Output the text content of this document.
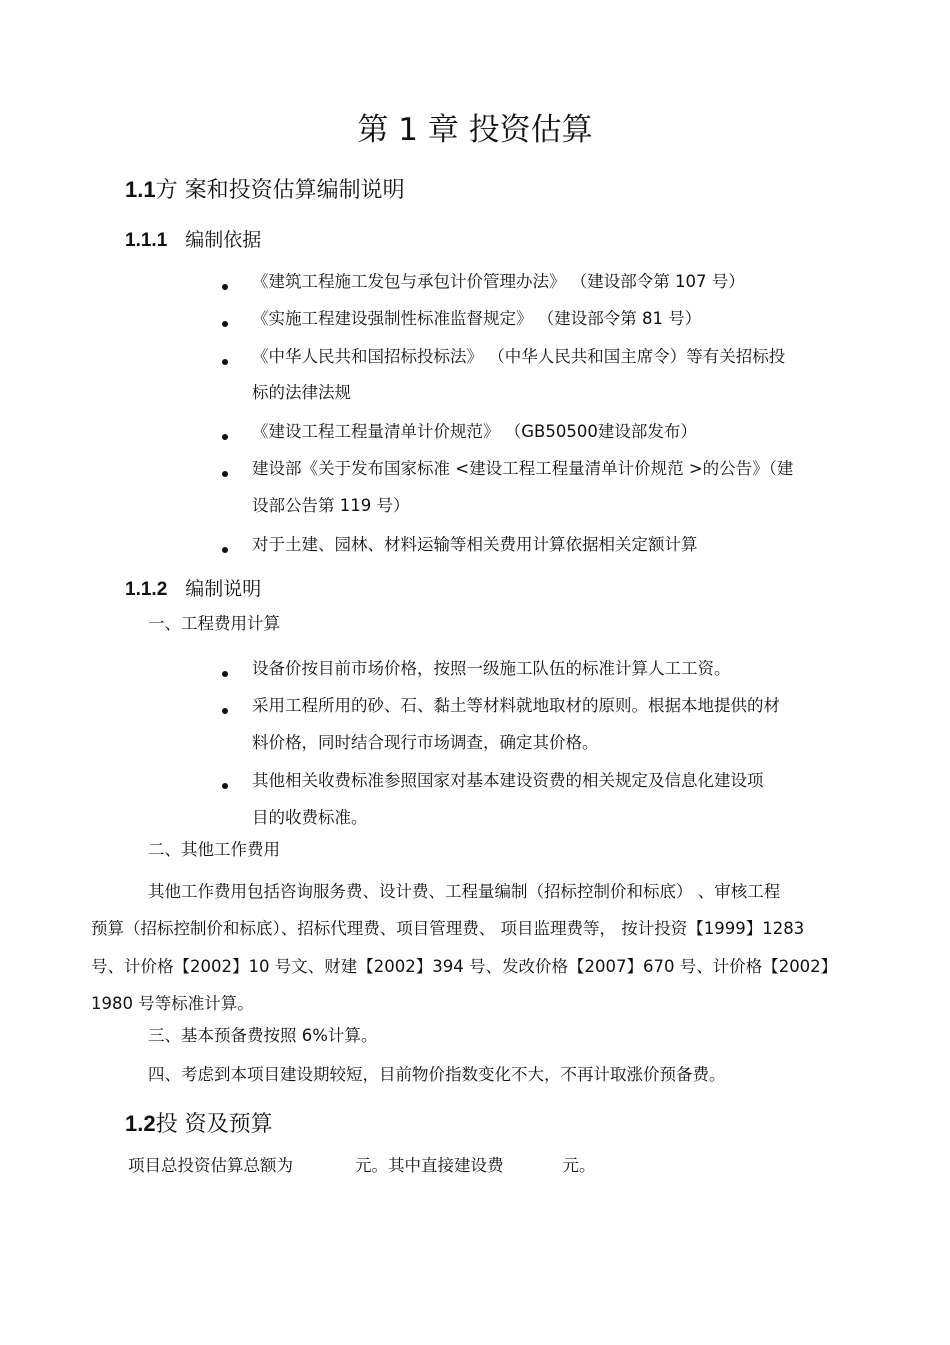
第 1 章 投资估算
1.1方 案和投资估算编制说明
1.1.1 编制依据
《建筑工程施工发包与承包计价管理办法》 （建设部令第 107 号）
《实施工程建设强制性标准监督规定》 （建设部令第 81 号）
《中华人民共和国招标投标法》 （中华人民共和国主席令）等有关招标投
标的法律法规
《建设工程工程量清单计价规范》 （GB50500建设部发布）
建设部《关于发布国家标准 <建设工程工程量清单计价规范 >的公告》（建
设部公告第 119 号）
对于土建、园林、材料运输等相关费用计算依据相关定额计算
1.1.2 编制说明
一、工程费用计算
设备价按目前市场价格，按照一级施工队伍的标准计算人工工资。
采用工程所用的砂、石、黏土等材料就地取材的原则。根据本地提供的材
料价格，同时结合现行市场调查，确定其价格。
其他相关收费标准参照国家对基本建设资费的相关规定及信息化建设项
目的收费标准。
二、其他工作费用
其他工作费用包括咨询服务费、设计费、工程量编制（招标控制价和标底） 、审核工程
预算（招标控制价和标底）、招标代理费、项目管理费、 项目监理费等， 按计投资【1999】1283
号、计价格【2002】10 号文、财建【2002】394 号、发改价格【2007】670 号、计价格【2002】
1980 号等标准计算。
三、基本预备费按照 6%计算。
四、考虑到本项目建设期较短，目前物价指数变化不大，不再计取涨价预备费。
1.2投 资及预算
项目总投资估算总额为	元。其中直接建设费	元。
